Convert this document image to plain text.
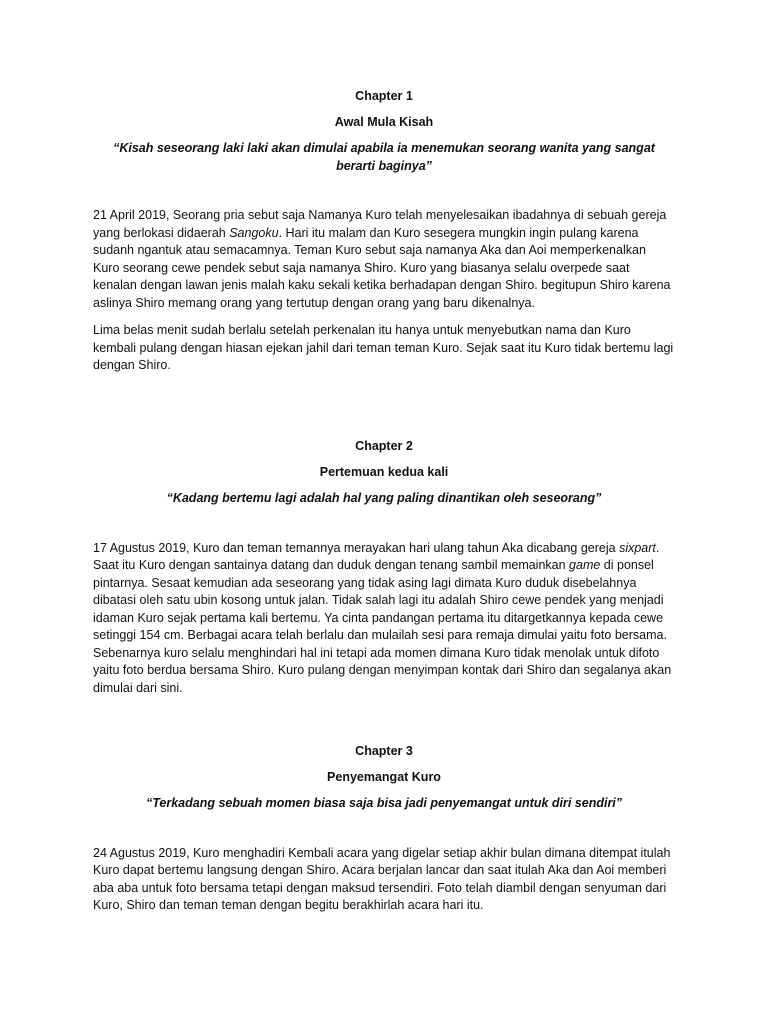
Chapter 1

Awal Mula Kisah

“Kisah seseorang laki laki akan dimulai apabila ia menemukan seorang wanita yang sangat berarti baginya”

21 April 2019, Seorang pria sebut saja Namanya Kuro telah menyelesaikan ibadahnya di sebuah gereja yang berlokasi didaerah Sangoku. Hari itu malam dan Kuro sesegera mungkin ingin pulang karena sudanh ngantuk atau semacamnya. Teman Kuro sebut saja namanya Aka dan Aoi memperkenalkan Kuro seorang cewe pendek sebut saja namanya Shiro. Kuro yang biasanya selalu overpede saat kenalan dengan lawan jenis malah kaku sekali ketika berhadapan dengan Shiro. begitupun Shiro karena aslinya Shiro memang orang yang tertutup dengan orang yang baru dikenalnya.

Lima belas menit sudah berlalu setelah perkenalan itu hanya untuk menyebutkan nama dan Kuro kembali pulang dengan hiasan ejekan jahil dari teman teman Kuro. Sejak saat itu Kuro tidak bertemu lagi dengan Shiro.

Chapter 2

Pertemuan kedua kali

“Kadang bertemu lagi adalah hal yang paling dinantikan oleh seseorang”

17 Agustus 2019, Kuro dan teman temannya merayakan hari ulang tahun Aka dicabang gereja sixpart. Saat itu Kuro dengan santainya datang dan duduk dengan tenang sambil memainkan game di ponsel pintarnya. Sesaat kemudian ada seseorang yang tidak asing lagi dimata Kuro duduk disebelahnya dibatasi oleh satu ubin kosong untuk jalan. Tidak salah lagi itu adalah Shiro cewe pendek yang menjadi idaman Kuro sejak pertama kali bertemu. Ya cinta pandangan pertama itu ditargetkannya kepada cewe setinggi 154 cm. Berbagai acara telah berlalu dan mulailah sesi para remaja dimulai yaitu foto bersama. Sebenarnya kuro selalu menghindari hal ini tetapi ada momen dimana Kuro tidak menolak untuk difoto yaitu foto berdua bersama Shiro. Kuro pulang dengan menyimpan kontak dari Shiro dan segalanya akan dimulai dari sini.

Chapter 3

Penyemangat Kuro

“Terkadang sebuah momen biasa saja bisa jadi penyemangat untuk diri sendiri”

24 Agustus 2019, Kuro menghadiri Kembali acara yang digelar setiap akhir bulan dimana ditempat itulah Kuro dapat bertemu langsung dengan Shiro. Acara berjalan lancar dan saat itulah Aka dan Aoi memberi aba aba untuk foto bersama tetapi dengan maksud tersendiri. Foto telah diambil dengan senyuman dari Kuro, Shiro dan teman teman dengan begitu berakhirlah acara hari itu.
